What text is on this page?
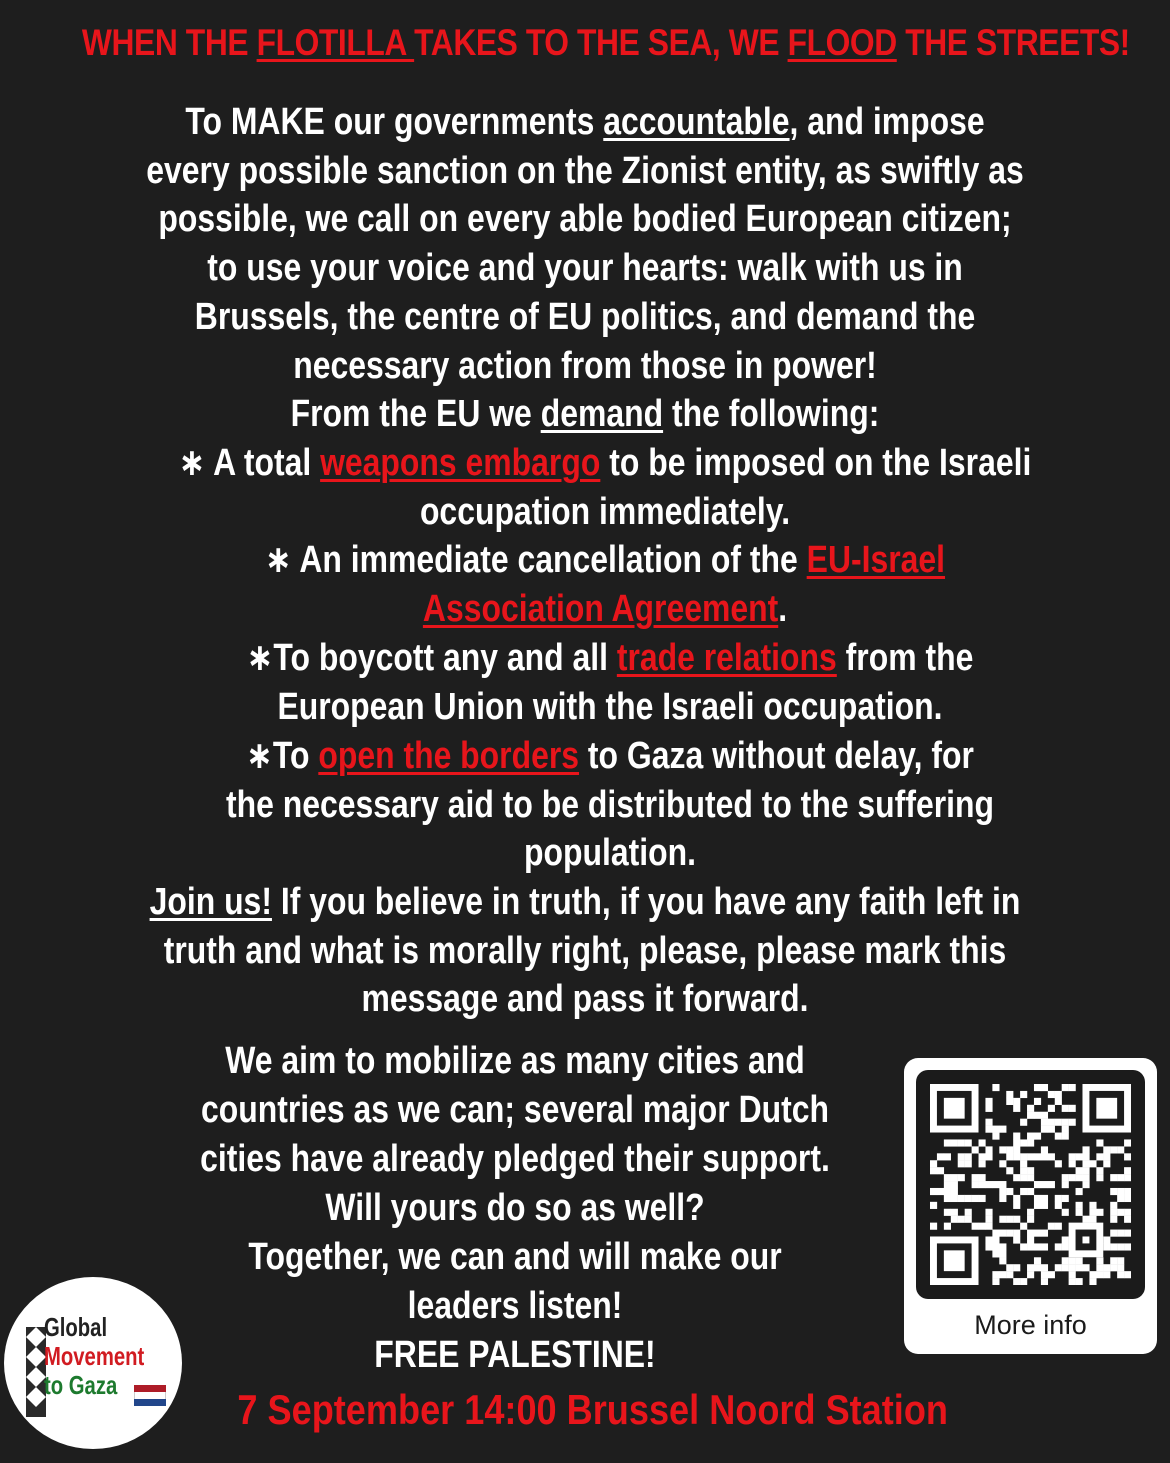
WHEN THE FLOTILLA TAKES TO THE SEA, WE FLOOD THE STREETS!
To MAKE our governments accountable, and impose every possible sanction on the Zionist entity, as swiftly as possible, we call on every able bodied European citizen; to use your voice and your hearts: walk with us in Brussels, the centre of EU politics, and demand the necessary action from those in power!
From the EU we demand the following:
∗ A total weapons embargo to be imposed on the Israeli occupation immediately.
∗ An immediate cancellation of the EU-Israel Association Agreement.
∗To boycott any and all trade relations from the European Union with the Israeli occupation.
∗To open the borders to Gaza without delay, for the necessary aid to be distributed to the suffering population.
Join us! If you believe in truth, if you have any faith left in truth and what is morally right, please, please mark this message and pass it forward.
We aim to mobilize as many cities and
countries as we can; several major Dutch
cities have already pledged their support.
Will yours do so as well?
Together, we can and will make our
leaders listen!
FREE PALESTINE!
More info
7 September 14:00 Brussel Noord Station
Global
Movement
to Gaza
